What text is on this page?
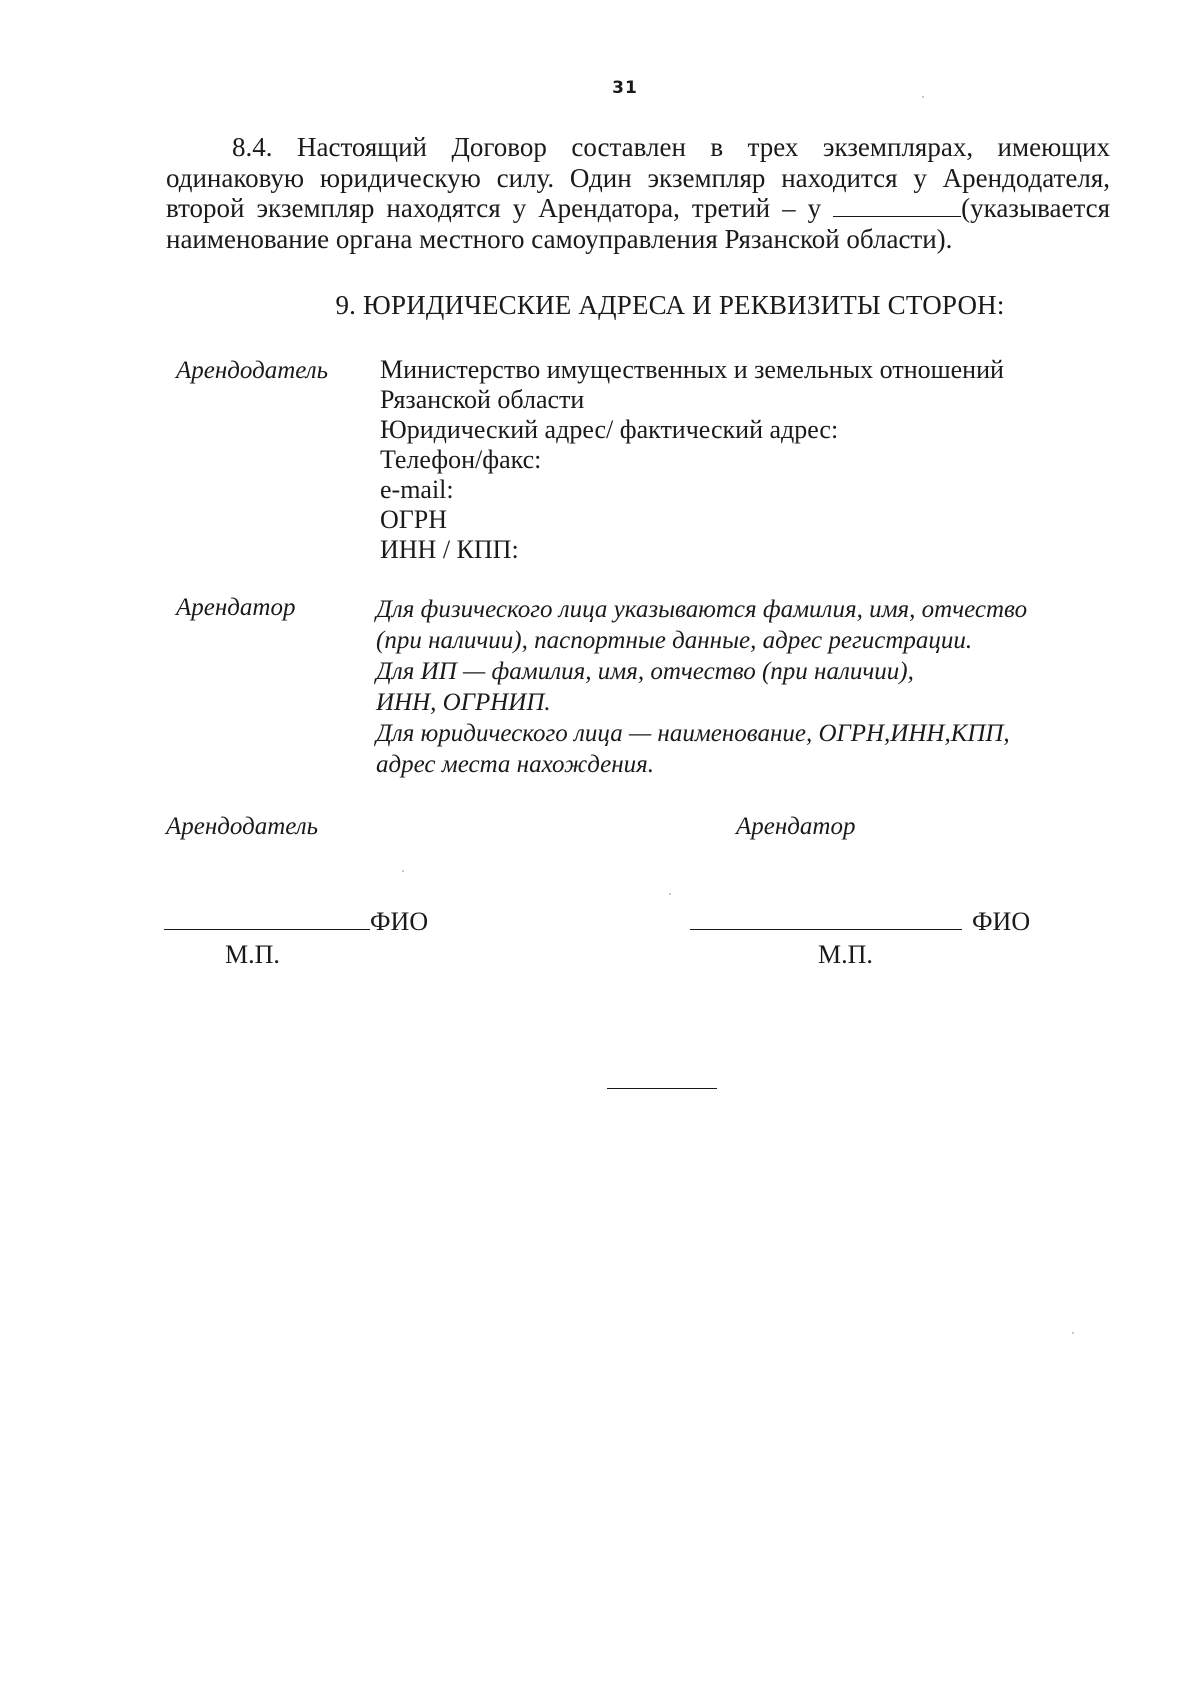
31
8.4. Настоящий Договор составлен в трех экземплярах, имеющих
одинаковую юридическую силу. Один экземпляр находится у Арендодателя,
второй экземпляр находятся у Арендатора, третий – у	(указывается
наименование органа местного самоуправления Рязанской области).
9. ЮРИДИЧЕСКИЕ АДРЕСА И РЕКВИЗИТЫ СТОРОН:
Арендодатель Министерство имущественных и земельных отношений
Рязанской области
Юридический адрес/ фактический адрес:
Телефон/факс:
e-mail:
ОГРН
ИНН / КПП:
Арендатор	Для физического лица указываются фамилия, имя, отчество
(при наличии), паспортные данные, адрес регистрации.
Для ИП — фамилия, имя, отчество (при наличии),
ИНН, ОГРНИП.
Для юридического лица — наименование, ОГРН,ИНН,КПП,
адрес места нахождения.
Арендодатель	Арендатор
ФИО
М.П.
ФИО
М.П.
